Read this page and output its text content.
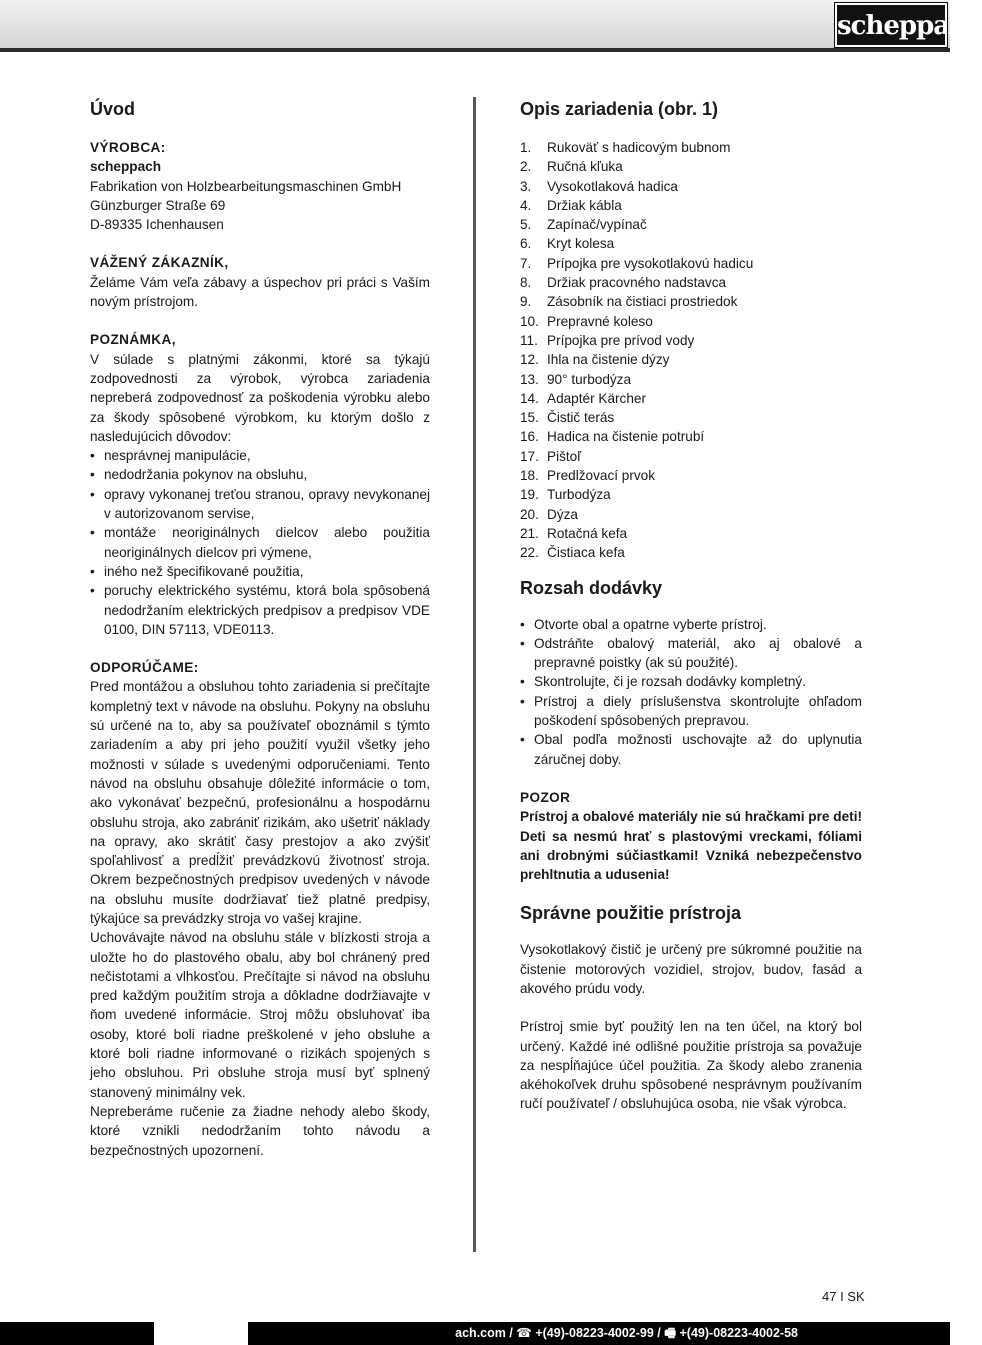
scheppach
Úvod
VÝROBCA:
scheppach
Fabrikation von Holzbearbeitungsmaschinen GmbH
Günzburger Straße 69
D-89335 Ichenhausen
VÁŽENÝ ZÁKAZNÍK,

Želáme Vám veľa zábavy a úspechov pri práci s Vaším novým prístrojom.

POZNÁMKA,

V súlade s platnými zákonmi, ktoré sa týkajú zodpovednosti za výrobok, výrobca zariadenia nepreberá zodpovednosť za poškodenia výrobku alebo za škody spôsobené výrobkom, ku ktorým došlo z nasledujúcich dôvodov:

• nesprávnej manipulácie,
• nedodržania pokynov na obsluhu,
• opravy vykonanej treťou stranou, opravy nevykonanej v autorizovanom servise,
• montáže neoriginálnych dielcov alebo použitia neoriginálnych dielcov pri výmene,
• iného než špecifikované použitia,
• poruchy elektrického systému, ktorá bola spôsobená nedodržaním elektrických predpisov a predpisov VDE 0100, DIN 57113, VDE0113.
ODPORÚČAME:

Pred montážou a obsluhou tohto zariadenia si prečítajte kompletný text v návode na obsluhu. Pokyny na obsluhu sú určené na to, aby sa používateľ oboznámil s týmto zariadením a aby pri jeho použití využil všetky jeho možnosti v súlade s uvedenými odporučeniami. Tento návod na obsluhu obsahuje dôležité informácie o tom, ako vykonávať bezpečnú, profesionálnu a hospodárnu obsluhu stroja, ako zabrániť rizikám, ako ušetriť náklady na opravy, ako skrátiť časy prestojov a ako zvýšiť spoľahlivosť a predĺžiť prevádzkovú životnosť stroja. Okrem bezpečnostných predpisov uvedených v návode na obsluhu musíte dodržiavať tiež platné predpisy, týkajúce sa prevádzky stroja vo vašej krajine.

Uchovávajte návod na obsluhu stále v blízkosti stroja a uložte ho do plastového obalu, aby bol chránený pred nečistotami a vlhkosťou. Prečítajte si návod na obsluhu pred každým použitím stroja a dôkladne dodržiavajte v ňom uvedené informácie. Stroj môžu obsluhovať iba osoby, ktoré boli riadne preškolené v jeho obsluhe a ktoré boli riadne informované o rizikách spojených s jeho obsluhou. Pri obsluhe stroja musí byť splnený stanovený minimálny vek.

Nepreberáme ručenie za žiadne nehody alebo škody, ktoré vznikli nedodržaním tohto návodu a bezpečnostných upozornení.

Opis zariadenia (obr. 1)
1. Rukoväť s hadicovým bubnom
2. Ručná kľuka
3. Vysokotlaková hadica
4. Držiak kábla
5. Zapínač/vypínač
6. Kryt kolesa
7. Prípojka pre vysokotlakovú hadicu
8. Držiak pracovného nadstavca
9. Zásobník na čistiaci prostriedok
10. Prepravné koleso
11. Prípojka pre prívod vody
12. Ihla na čistenie dýzy
13. 90° turbodýza
14. Adaptér Kärcher
15. Čistič terás
16. Hadica na čistenie potrubí
17. Pištoľ
18. Predlžovací prvok
19. Turbodýza
20. Dýza
21. Rotačná kefa
22. Čistiaca kefa
Rozsah dodávky
• Otvorte obal a opatrne vyberte prístroj.
• Odstráňte obalový materiál, ako aj obalové a prepravné poistky (ak sú použité).
• Skontrolujte, či je rozsah dodávky kompletný.
• Prístroj a diely príslušenstva skontrolujte ohľadom poškodení spôsobených prepravou.
• Obal podľa možnosti uschovajte až do uplynutia záručnej doby.
POZOR

Prístroj a obalové materiály nie sú hračkami pre deti! Deti sa nesmú hrať s plastovými vreckami, fóliami ani drobnými súčiastkami! Vzniká nebezpečenstvo prehltnutia a udusenia!

Správne použitie prístroja

Vysokotlakový čistič je určený pre súkromné použitie na čistenie motorových vozidiel, strojov, budov, fasád a akového prúdu vody.

Prístroj smie byť použitý len na ten účel, na ktorý bol určený. Každé iné odlišné použitie prístroja sa považuje za nespĺňajúce účel použitia. Za škody alebo zranenia akéhokoľvek druhu spôsobené nesprávnym používaním ručí používateľ / obsluhujúca osoba, nie však výrobca.

47 I SK
ach.com / ☎ +(49)-08223-4002-99 / 🖷 +(49)-08223-4002-58
